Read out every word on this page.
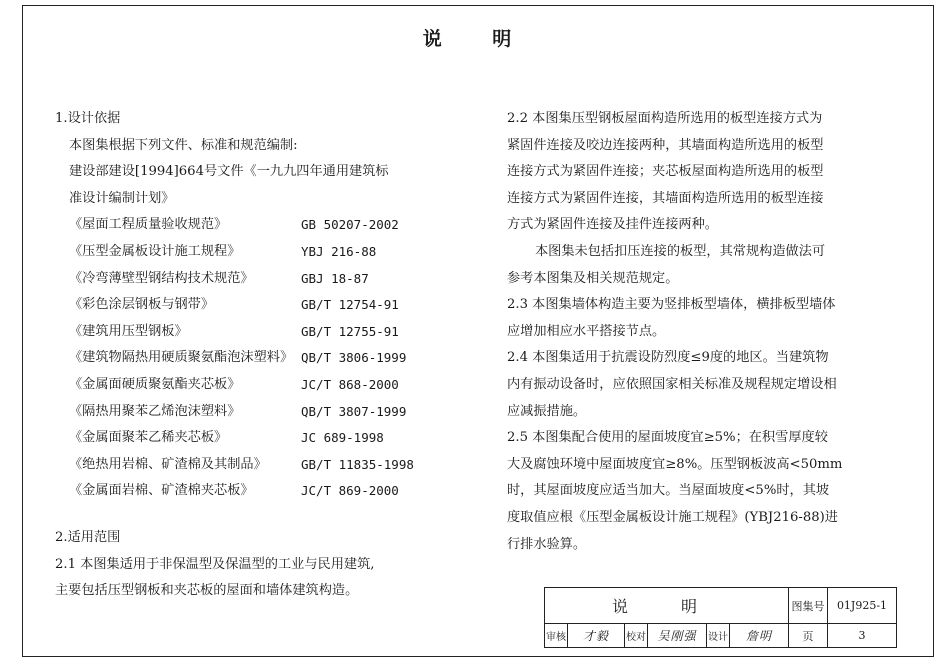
说 明
1.设计依据
本图集根据下列文件、标准和规范编制:
建设部建设[1994]664号文件《一九九四年通用建筑标
准设计编制计划》
《屋面工程质量验收规范》	GB 50207-2002
《压型金属板设计施工规程》	YBJ 216-88
《冷弯薄壁型钢结构技术规范》	GBJ 18-87
《彩色涂层钢板与钢带》	GB/T 12754-91
《建筑用压型钢板》	GB/T 12755-91
《建筑物隔热用硬质聚氨酯泡沫塑料》 QB/T 3806-1999
《金属面硬质聚氨酯夹芯板》	JC/T 868-2000
《隔热用聚苯乙烯泡沫塑料》	QB/T 3807-1999
《金属面聚苯乙稀夹芯板》	JC 689-1998
《绝热用岩棉、矿渣棉及其制品》	GB/T 11835-1998
《金属面岩棉、矿渣棉夹芯板》	JC/T 869-2000
2.适用范围
2.1 本图集适用于非保温型及保温型的工业与民用建筑,
主要包括压型钢板和夹芯板的屋面和墙体建筑构造。
2.2 本图集压型钢板屋面构造所选用的板型连接方式为
紧固件连接及咬边连接两种，其墙面构造所选用的板型
连接方式为紧固件连接；夹芯板屋面构造所选用的板型
连接方式为紧固件连接，其墙面构造所选用的板型连接
方式为紧固件连接及挂件连接两种。
本图集未包括扣压连接的板型，其常规构造做法可
参考本图集及相关规范规定。
2.3 本图集墙体构造主要为竖排板型墙体，横排板型墙体
应增加相应水平搭接节点。
2.4 本图集适用于抗震设防烈度≤9度的地区。当建筑物
内有振动设备时，应依照国家相关标准及规程规定增设相
应减振措施。
2.5 本图集配合使用的屋面坡度宜≥5%；在积雪厚度较
大及腐蚀环境中屋面坡度宜≥8%。压型钢板波高<50mm
时，其屋面坡度应适当加大。当屋面坡度<5%时，其坡
度取值应根《压型金属板设计施工规程》(YBJ216-88)进
行排水验算。
说 明						图集号	01J925-1
审核	才毅	校对	吴刚强	设计	詹明	页	3
